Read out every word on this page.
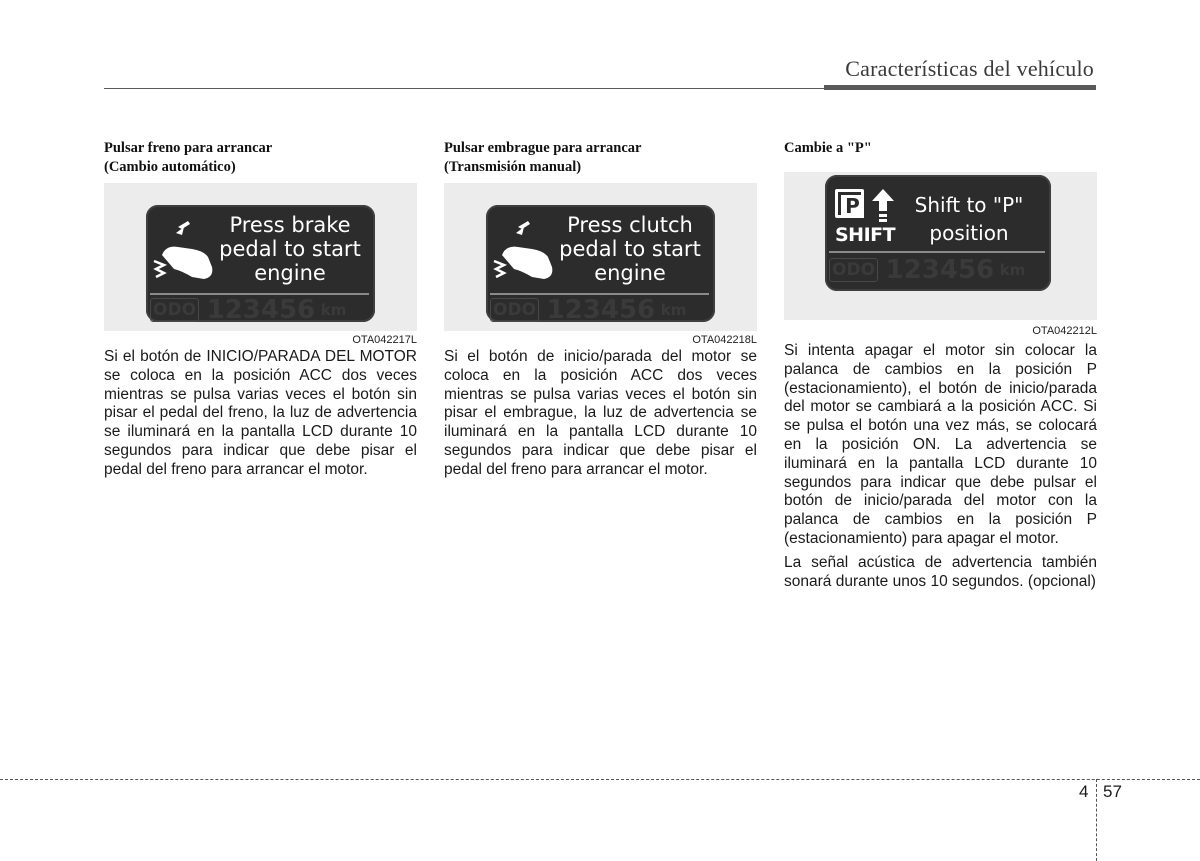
Características del vehículo

Pulsar freno para arrancar
(Cambio automático)

Press brake pedal to start engine
ODO 123456 km
OTA042217L

Si el botón de INICIO/PARADA DEL MOTOR se coloca en la posición ACC dos veces mientras se pulsa varias veces el botón sin pisar el pedal del freno, la luz de advertencia se iluminará en la pantalla LCD durante 10 segundos para indicar que debe pisar el pedal del freno para arrancar el motor.

Pulsar embrague para arrancar
(Transmisión manual)

Press clutch pedal to start engine
ODO 123456 km
OTA042218L

Si el botón de inicio/parada del motor se coloca en la posición ACC dos veces mientras se pulsa varias veces el botón sin pisar el embrague, la luz de advertencia se iluminará en la pantalla LCD durante 10 segundos para indicar que debe pisar el pedal del freno para arrancar el motor.

Cambie a "P"

P
SHIFT
Shift to "P" position
ODO 123456 km
OTA042212L

Si intenta apagar el motor sin colocar la palanca de cambios en la posición P (estacionamiento), el botón de inicio/parada del motor se cambiará a la posición ACC. Si se pulsa el botón una vez más, se colocará en la posición ON. La advertencia se iluminará en la pantalla LCD durante 10 segundos para indicar que debe pulsar el botón de inicio/parada del motor con la palanca de cambios en la posición P (estacionamiento) para apagar el motor.

La señal acústica de advertencia también sonará durante unos 10 segundos. (opcional)

4 57
